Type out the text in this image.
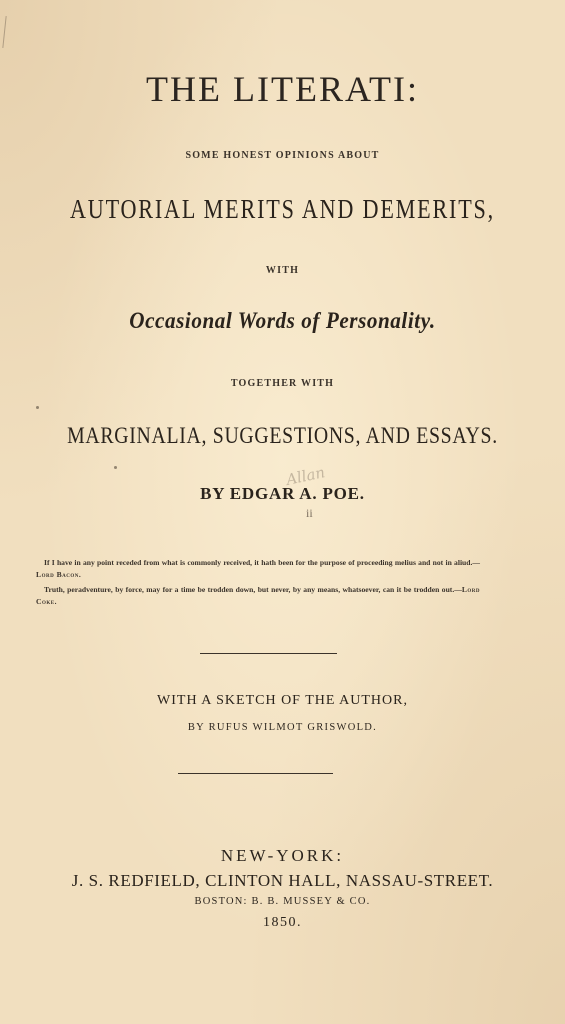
THE LITERATI:
SOME HONEST OPINIONS ABOUT
AUTORIAL MERITS AND DEMERITS,
WITH
Occasional Words of Personality.
TOGETHER WITH
MARGINALIA, SUGGESTIONS, AND ESSAYS.
BY EDGAR A. POE.
Allan
ii
If I have in any point receded from what is commonly received, it hath been for the purpose of proceeding melius and not in aliud.—Lord Bacon.
Truth, peradventure, by force, may for a time be trodden down, but never, by any means, whatsoever, can it be trodden out.—Lord Coke.
WITH A SKETCH OF THE AUTHOR,
BY RUFUS WILMOT GRISWOLD.
NEW-YORK:
J. S. REDFIELD, CLINTON HALL, NASSAU-STREET.
BOSTON: B. B. MUSSEY & CO.
1850.
